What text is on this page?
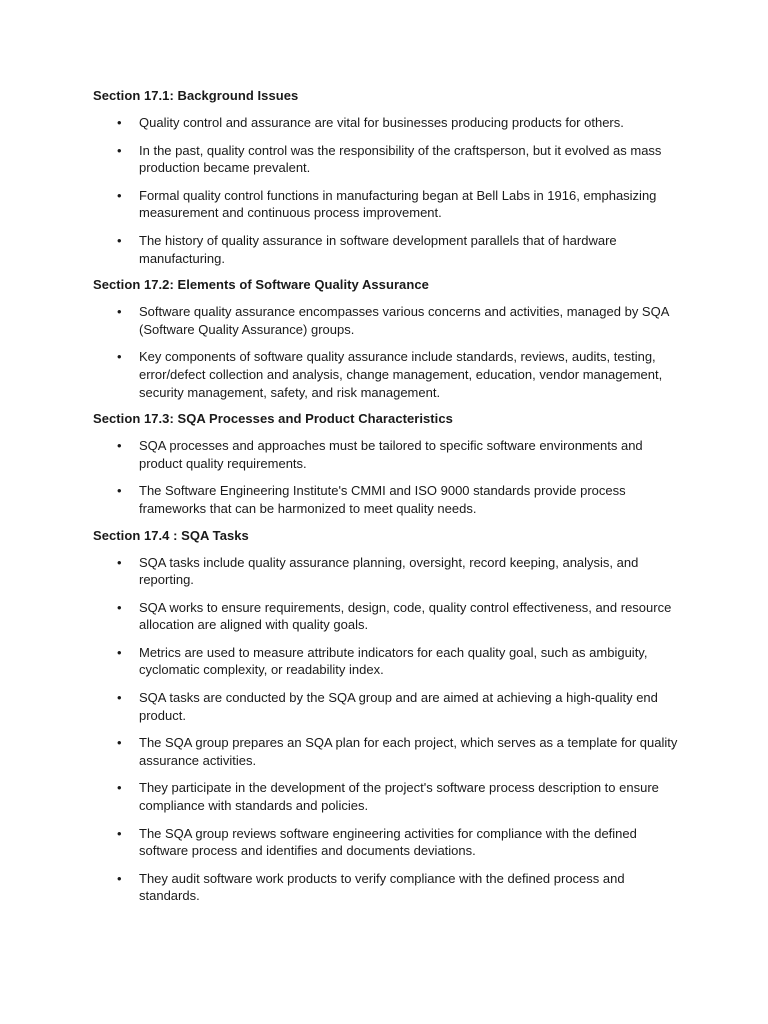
Section 17.1: Background Issues
• Quality control and assurance are vital for businesses producing products for others.
• In the past, quality control was the responsibility of the craftsperson, but it evolved as mass production became prevalent.
• Formal quality control functions in manufacturing began at Bell Labs in 1916, emphasizing measurement and continuous process improvement.
• The history of quality assurance in software development parallels that of hardware manufacturing.
Section 17.2: Elements of Software Quality Assurance
• Software quality assurance encompasses various concerns and activities, managed by SQA (Software Quality Assurance) groups.
• Key components of software quality assurance include standards, reviews, audits, testing, error/defect collection and analysis, change management, education, vendor management, security management, safety, and risk management.
Section 17.3: SQA Processes and Product Characteristics
• SQA processes and approaches must be tailored to specific software environments and product quality requirements.
• The Software Engineering Institute's CMMI and ISO 9000 standards provide process frameworks that can be harmonized to meet quality needs.
Section 17.4 : SQA Tasks
• SQA tasks include quality assurance planning, oversight, record keeping, analysis, and reporting.
• SQA works to ensure requirements, design, code, quality control effectiveness, and resource allocation are aligned with quality goals.
• Metrics are used to measure attribute indicators for each quality goal, such as ambiguity, cyclomatic complexity, or readability index.
• SQA tasks are conducted by the SQA group and are aimed at achieving a high-quality end product.
• The SQA group prepares an SQA plan for each project, which serves as a template for quality assurance activities.
• They participate in the development of the project's software process description to ensure compliance with standards and policies.
• The SQA group reviews software engineering activities for compliance with the defined software process and identifies and documents deviations.
• They audit software work products to verify compliance with the defined process and standards.
